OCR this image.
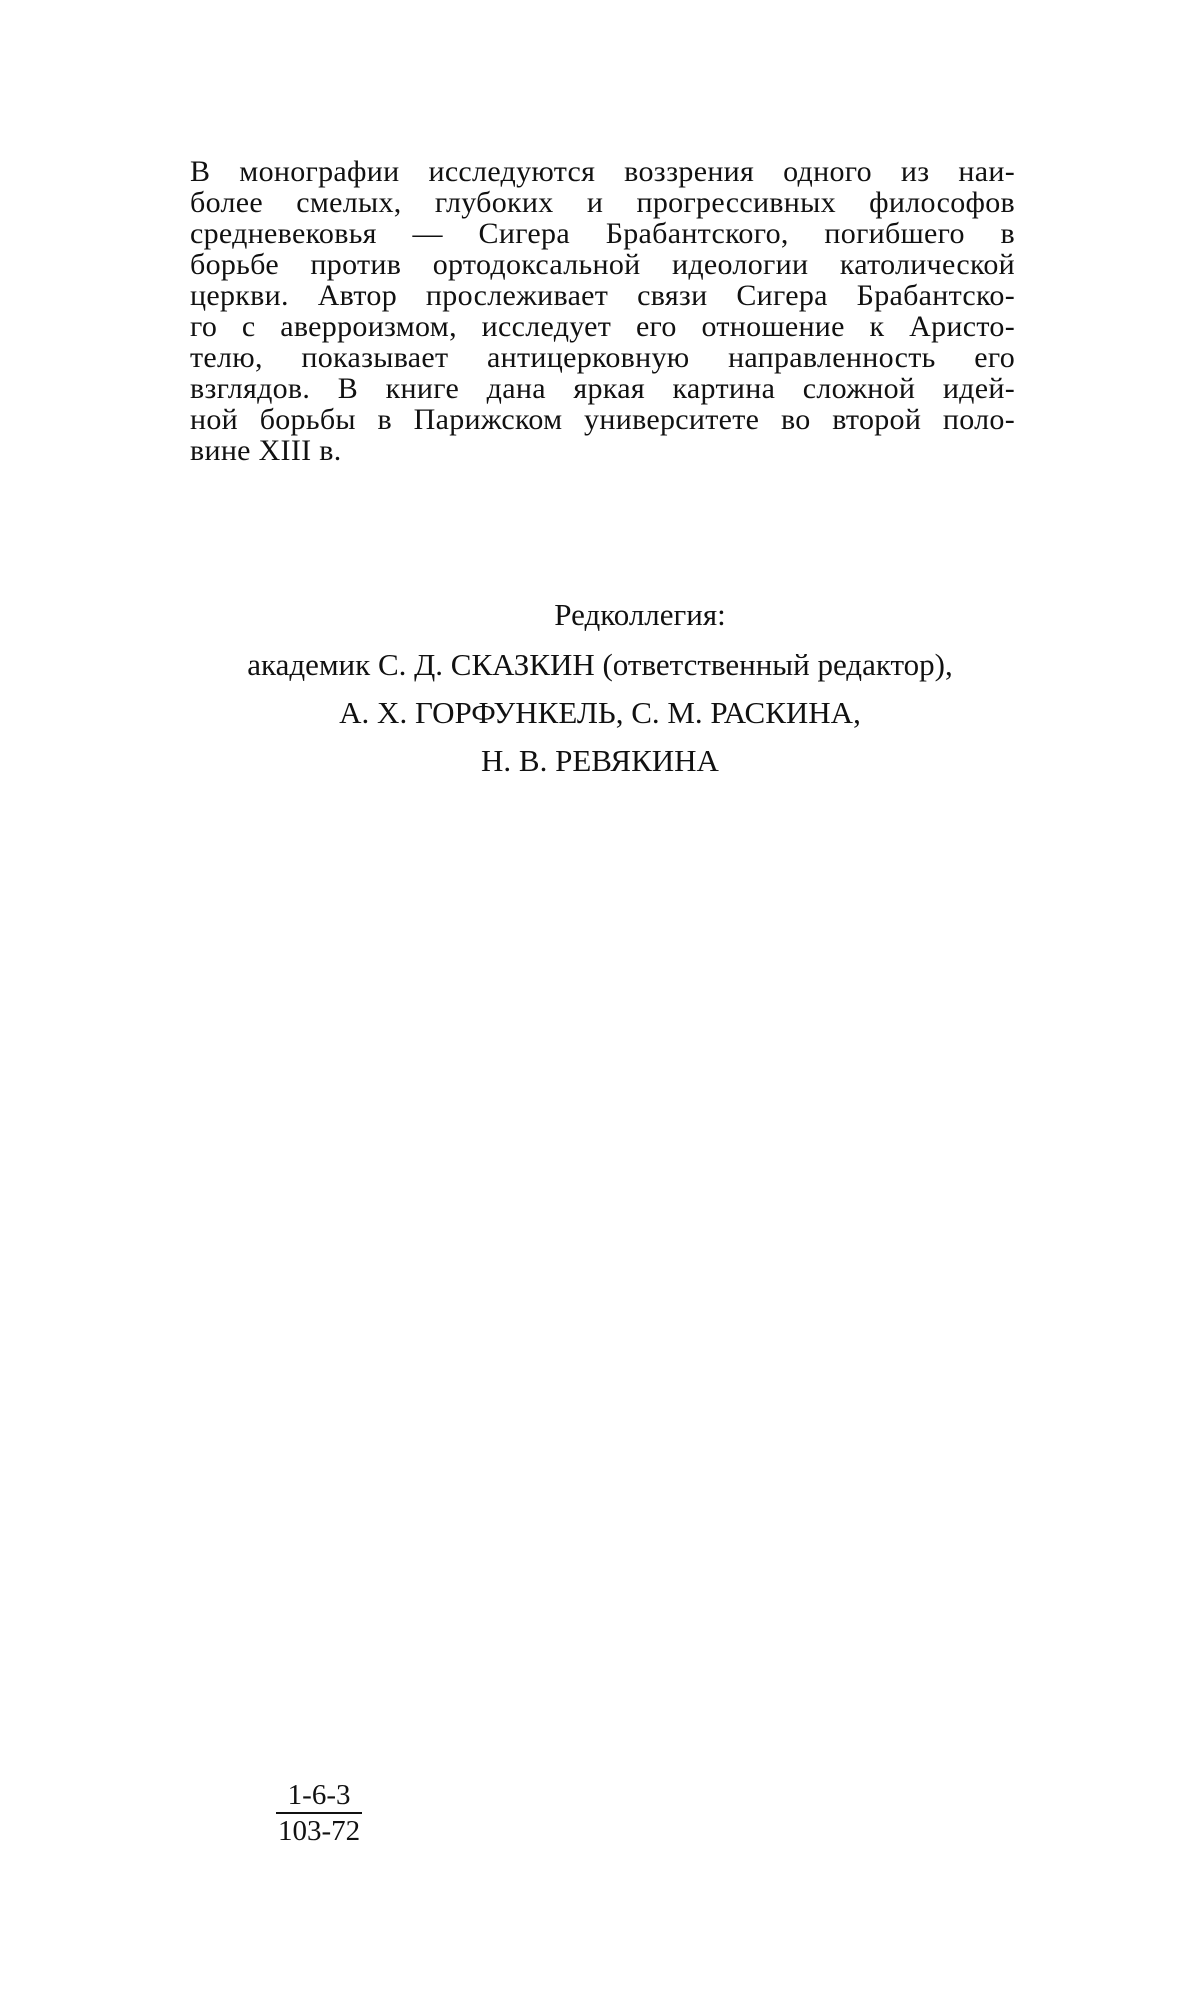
В монографии исследуются воззрения одного из наи-
более смелых, глубоких и прогрессивных философов
средневековья — Сигера Брабантского, погибшего в
борьбе против ортодоксальной идеологии католической
церкви. Автор прослеживает связи Сигера Брабантско-
го с аверроизмом, исследует его отношение к Аристо-
телю, показывает антицерковную направленность его
взглядов. В книге дана яркая картина сложной идей-
ной борьбы в Парижском университете во второй поло-
вине XIII в.
Редколлегия:
академик С. Д. СКАЗКИН (ответственный редактор),
А. Х. ГОРФУНКЕЛЬ, С. М. РАСКИНА,
Н. В. РЕВЯКИНА
$\frac{1-6-3}{103-72}$
